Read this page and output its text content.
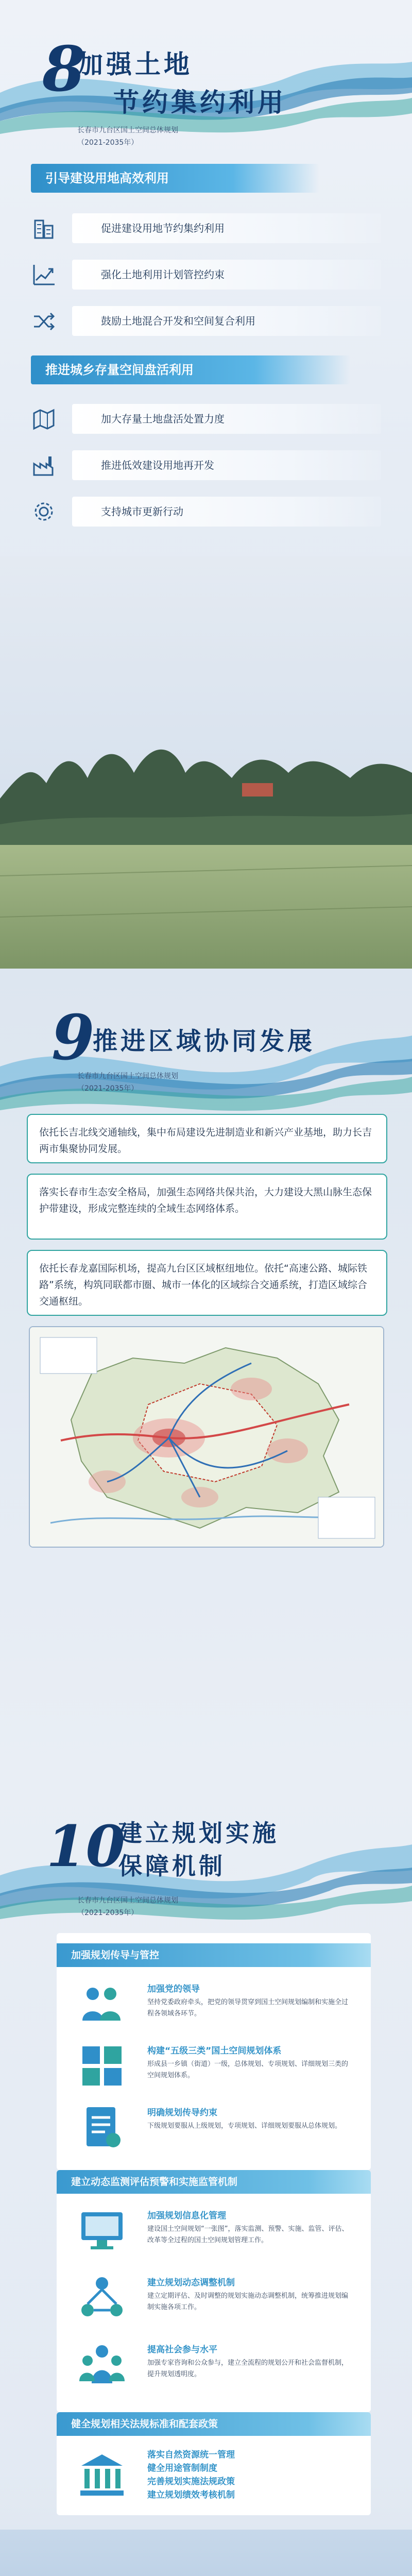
8
加强土地
节约集约利用
长春市九台区国土空间总体规划
（2021-2035年）
引导建设用地高效利用
促进建设用地节约集约利用
强化土地利用计划管控约束
鼓励土地混合开发和空间复合利用
推进城乡存量空间盘活利用
加大存量土地盘活处置力度
推进低效建设用地再开发
支持城市更新行动
9
推进区域协同发展
长春市九台区国土空间总体规划
（2021-2035年）
依托长吉北线交通轴线，集中布局建设先进制造业和新兴产业基地，助力长吉两市集聚协同发展。
落实长春市生态安全格局，加强生态网络共保共治，大力建设大黑山脉生态保护带建设，形成完整连续的全域生态网络体系。
依托长春龙嘉国际机场，提高九台区区域枢纽地位。依托“高速公路、城际铁路”系统，构筑同联都市圈、城市一体化的区域综合交通系统，打造区域综合交通枢纽。
10
建立规划实施
保障机制
长春市九台区国土空间总体规划
（2021-2035年）
加强规划传导与管控
加强党的领导
坚持党委政府牵头，把党的领导贯穿到国土空间规划编制和实施全过程各领域各环节。
构建“五级三类”国土空间规划体系
形成县一乡镇（街道）一级，总体规划、专项规划、详细规划三类的空间规划体系。
明确规划传导约束
下级规划要服从上级规划，专项规划、详细规划要服从总体规划。
建立动态监测评估预警和实施监管机制
加强规划信息化管理
建设国土空间规划“一张图”，落实监测、预警、实施、监管、评估、改革等全过程的国土空间规划管理工作。
建立规划动态调整机制
建立定期评估、及时调整的规划实施动态调整机制，统筹推进规划编制实施各项工作。
提高社会参与水平
加强专家咨询和公众参与，建立全流程的规划公开和社会监督机制，提升规划透明度。
健全规划相关法规标准和配套政策
落实自然资源统一管理
健全用途管制制度
完善规划实施法规政策
建立规划绩效考核机制
